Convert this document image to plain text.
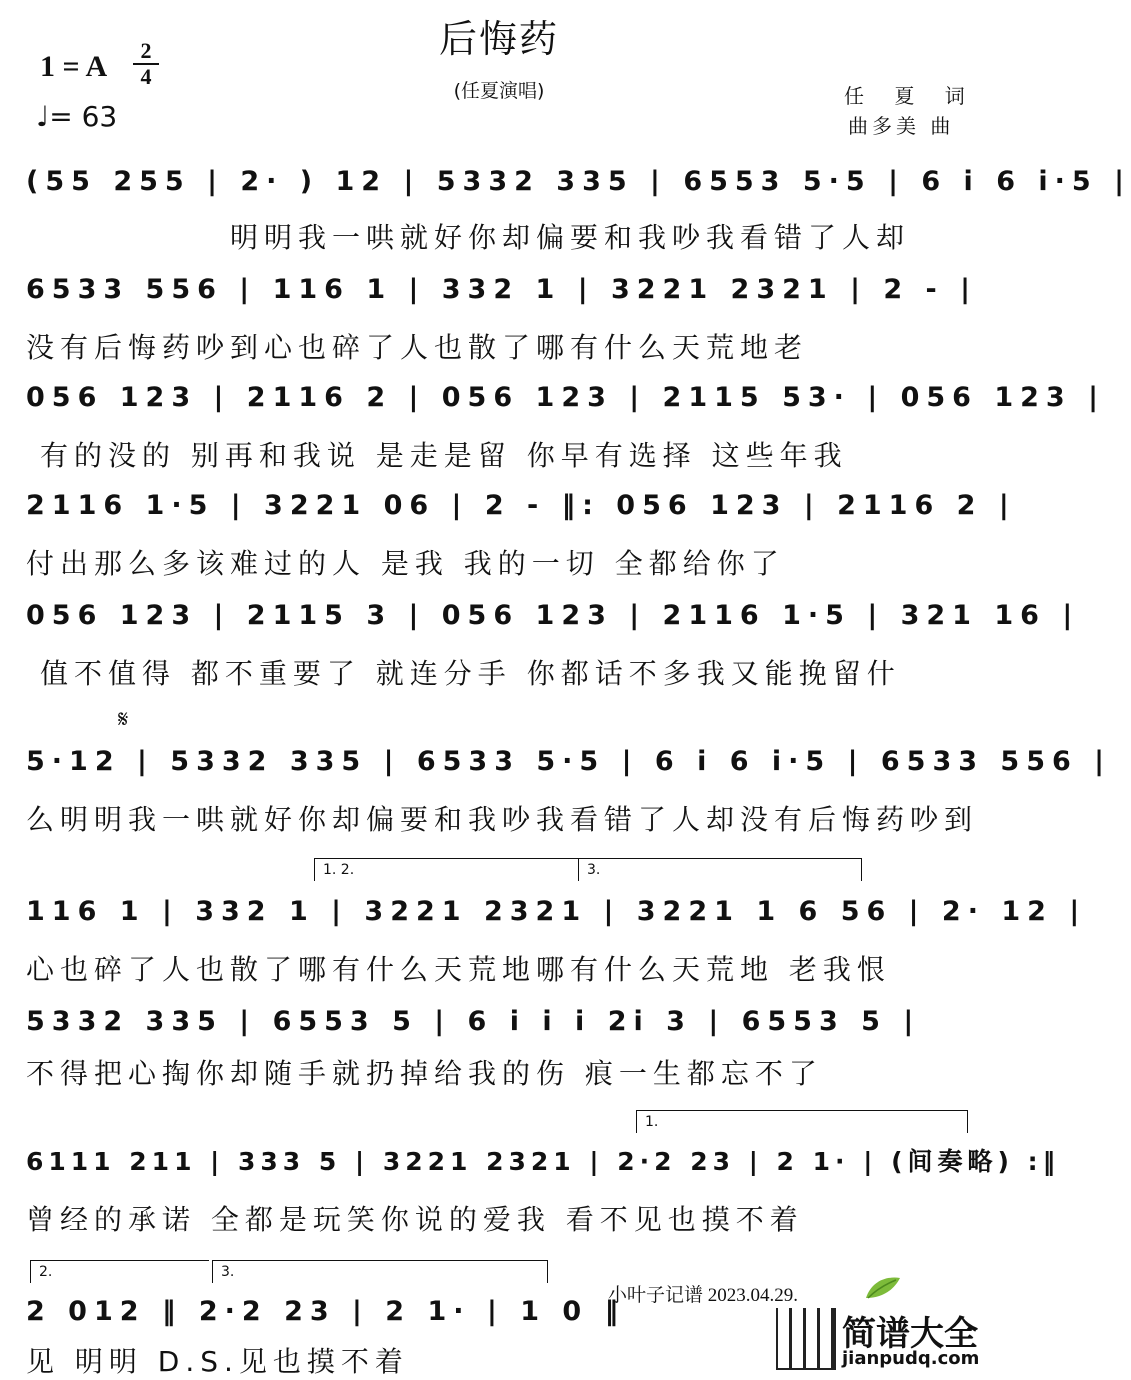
后悔药
(任夏演唱)
1 = A	2
4
♩= 63
任 夏 词
曲多美 曲
(55 255 | 2· ) 12 | 5332 335 | 6553 5·5 | 6 i 6 i·5 |
明明我一哄就好你却偏要和我吵我看错了人却
6533 556 | 116 1 | 332 1 | 3221 2321 | 2 - |
没有后悔药吵到心也碎了人也散了哪有什么天荒地老
056 123 | 2116 2 | 056 123 | 2115 53· | 056 123 |
有的没的 别再和我说 是走是留 你早有选择 这些年我
2116 1·5 | 3221 06 | 2 - ‖: 056 123 | 2116 2 |
付出那么多该难过的人 是我 我的一切 全都给你了
056 123 | 2115 3 | 056 123 | 2116 1·5 | 321 16 |
值不值得 都不重要了 就连分手 你都话不多我又能挽留什
𝄋
5·12 | 5332 335 | 6533 5·5 | 6 i 6 i·5 | 6533 556 |
么明明我一哄就好你却偏要和我吵我看错了人却没有后悔药吵到
1. 2.	3.
116 1 | 332 1 | 3221 2321 | 3221 1 6 56 | 2· 12 |
心也碎了人也散了哪有什么天荒地哪有什么天荒地 老我恨
5332 335 | 6553 5 | 6 i i i 2i 3 | 6553 5 |
不得把心掏你却随手就扔掉给我的伤 痕一生都忘不了
1.
6111 211 | 333 5 | 3221 2321 | 2·2 23 | 2 1· | (间奏略) :‖
曾经的承诺 全都是玩笑你说的爱我 看不见也摸不着
2.	3.
2 012 ‖ 2·2 23 | 2 1· | 1 0 ‖
见 明明 D.S.见也摸不着
小叶子记谱 2023.04.29.
简谱大全
jianpudq.com
